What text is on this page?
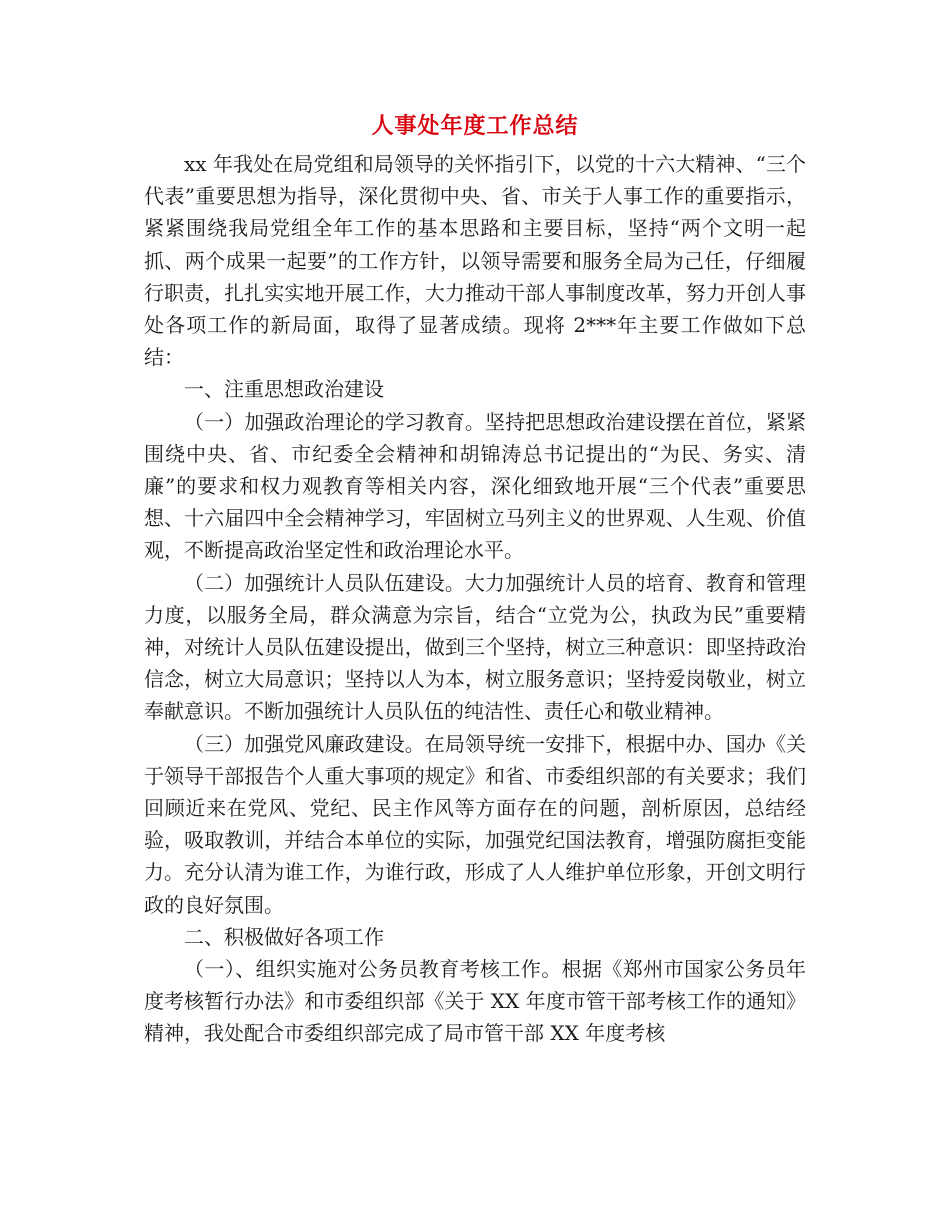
人事处年度工作总结

xx 年我处在局党组和局领导的关怀指引下，以党的十六大精神、“三个代表”重要思想为指导，深化贯彻中央、省、市关于人事工作的重要指示，紧紧围绕我局党组全年工作的基本思路和主要目标，坚持“两个文明一起抓、两个成果一起要”的工作方针，以领导需要和服务全局为己任，仔细履行职责，扎扎实实地开展工作，大力推动干部人事制度改革，努力开创人事处各项工作的新局面，取得了显著成绩。现将 2***年主要工作做如下总结：

一、注重思想政治建设

（一）加强政治理论的学习教育。坚持把思想政治建设摆在首位，紧紧围绕中央、省、市纪委全会精神和胡锦涛总书记提出的“为民、务实、清廉”的要求和权力观教育等相关内容，深化细致地开展“三个代表”重要思想、十六届四中全会精神学习，牢固树立马列主义的世界观、人生观、价值观，不断提高政治坚定性和政治理论水平。

（二）加强统计人员队伍建设。大力加强统计人员的培育、教育和管理力度，以服务全局，群众满意为宗旨，结合“立党为公，执政为民”重要精神，对统计人员队伍建设提出，做到三个坚持，树立三种意识：即坚持政治信念，树立大局意识；坚持以人为本，树立服务意识；坚持爱岗敬业，树立奉献意识。不断加强统计人员队伍的纯洁性、责任心和敬业精神。

（三）加强党风廉政建设。在局领导统一安排下，根据中办、国办《关于领导干部报告个人重大事项的规定》和省、市委组织部的有关要求；我们回顾近来在党风、党纪、民主作风等方面存在的问题，剖析原因，总结经验，吸取教训，并结合本单位的实际，加强党纪国法教育，增强防腐拒变能力。充分认清为谁工作，为谁行政，形成了人人维护单位形象，开创文明行政的良好氛围。

二、积极做好各项工作

（一）、组织实施对公务员教育考核工作。根据《郑州市国家公务员年度考核暂行办法》和市委组织部《关于 XX 年度市管干部考核工作的通知》精神，我处配合市委组织部完成了局市管干部 XX 年度考核
